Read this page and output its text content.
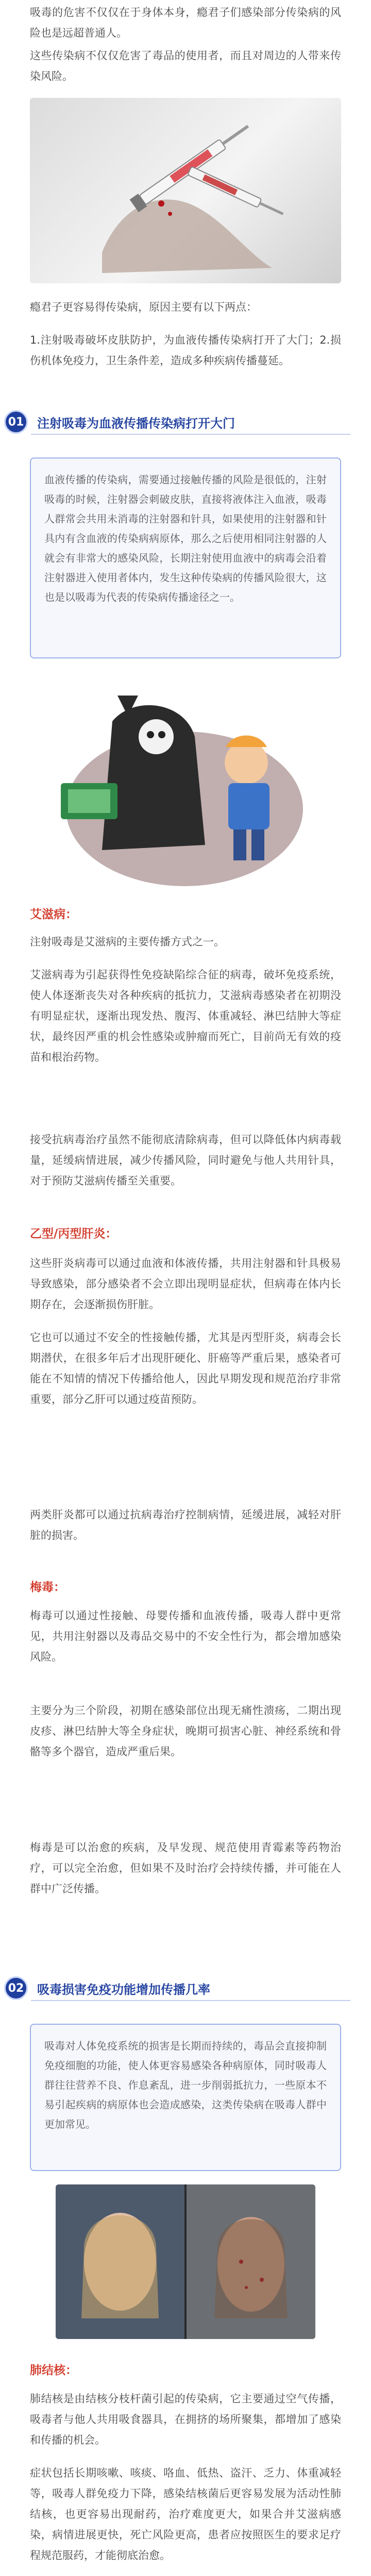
吸毒的危害不仅仅在于身体本身，瘾君子们感染部分传染病的风险也是远超普通人。

这些传染病不仅仅危害了毒品的使用者，而且对周边的人带来传染风险。

瘾君子更容易得传染病，原因主要有以下两点：

1.注射吸毒破坏皮肤防护，为血液传播传染病打开了大门；2.损伤机体免疫力，卫生条件差，造成多种疾病传播蔓延。

01	注射吸毒为血液传播传染病打开大门
血液传播的传染病，需要通过接触传播的风险是很低的，注射吸毒的时候，注射器会刺破皮肤，直接将液体注入血液，吸毒人群常会共用未消毒的注射器和针具，如果使用的注射器和针具内有含血液的传染病病原体，那么之后使用相同注射器的人就会有非常大的感染风险，长期注射使用血液中的病毒会沿着注射器进入使用者体内，发生这种传染病的传播风险很大，这也是以吸毒为代表的传染病传播途径之一。
艾滋病：

注射吸毒是艾滋病的主要传播方式之一。

艾滋病毒为引起获得性免疫缺陷综合征的病毒，破坏免疫系统，使人体逐渐丧失对各种疾病的抵抗力，艾滋病毒感染者在初期没有明显症状，逐渐出现发热、腹泻、体重减轻、淋巴结肿大等症状，最终因严重的机会性感染或肿瘤而死亡，目前尚无有效的疫苗和根治药物。

接受抗病毒治疗虽然不能彻底清除病毒，但可以降低体内病毒载量，延缓病情进展，减少传播风险，同时避免与他人共用针具，对于预防艾滋病传播至关重要。

乙型/丙型肝炎：

这些肝炎病毒可以通过血液和体液传播，共用注射器和针具极易导致感染，部分感染者不会立即出现明显症状，但病毒在体内长期存在，会逐渐损伤肝脏。

它也可以通过不安全的性接触传播，尤其是丙型肝炎，病毒会长期潜伏，在很多年后才出现肝硬化、肝癌等严重后果，感染者可能在不知情的情况下传播给他人，因此早期发现和规范治疗非常重要，部分乙肝可以通过疫苗预防。

两类肝炎都可以通过抗病毒治疗控制病情，延缓进展，减轻对肝脏的损害。

梅毒：

梅毒可以通过性接触、母婴传播和血液传播，吸毒人群中更常见，共用注射器以及毒品交易中的不安全性行为，都会增加感染风险。

主要分为三个阶段，初期在感染部位出现无痛性溃疡，二期出现皮疹、淋巴结肿大等全身症状，晚期可损害心脏、神经系统和骨骼等多个器官，造成严重后果。

梅毒是可以治愈的疾病，及早发现、规范使用青霉素等药物治疗，可以完全治愈，但如果不及时治疗会持续传播，并可能在人群中广泛传播。

02	吸毒损害免疫功能增加传播几率
吸毒对人体免疫系统的损害是长期而持续的，毒品会直接抑制免疫细胞的功能，使人体更容易感染各种病原体，同时吸毒人群往往营养不良、作息紊乱，进一步削弱抵抗力，一些原本不易引起疾病的病原体也会造成感染，这类传染病在吸毒人群中更加常见。
肺结核：

肺结核是由结核分枝杆菌引起的传染病，它主要通过空气传播，吸毒者与他人共用吸食器具，在拥挤的场所聚集，都增加了感染和传播的机会。

症状包括长期咳嗽、咳痰、咯血、低热、盗汗、乏力、体重减轻等，吸毒人群免疫力下降，感染结核菌后更容易发展为活动性肺结核，也更容易出现耐药，治疗难度更大，如果合并艾滋病感染，病情进展更快，死亡风险更高，患者应按照医生的要求足疗程规范服药，才能彻底治愈。
